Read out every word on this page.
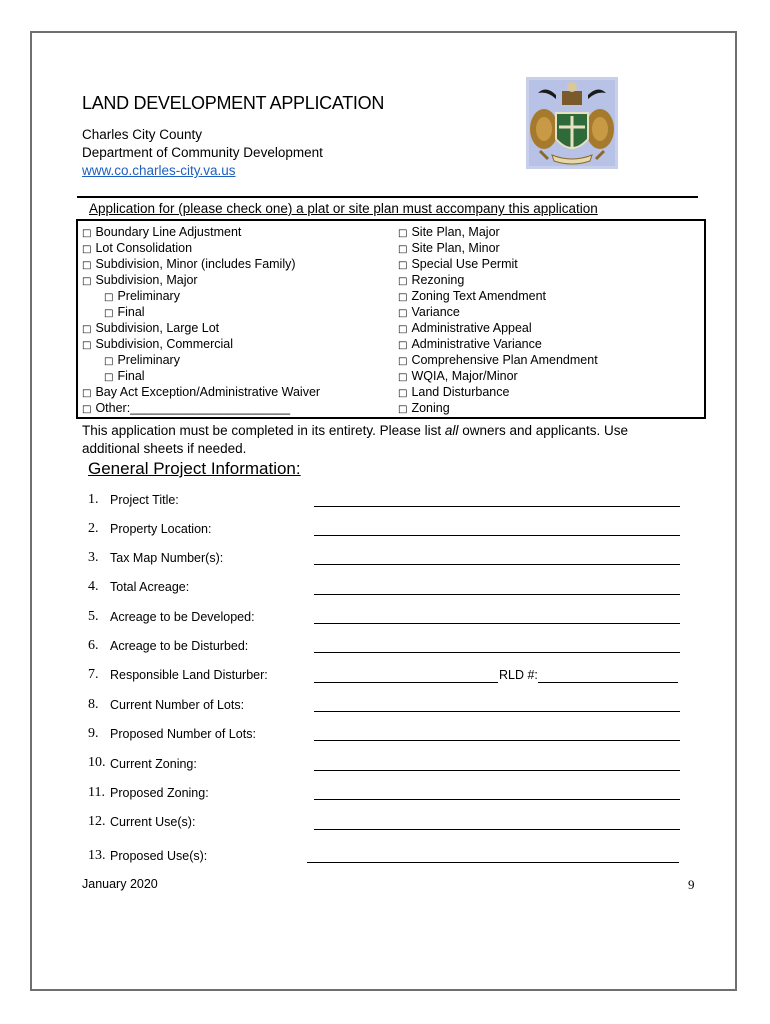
LAND DEVELOPMENT APPLICATION
Charles City County
Department of Community Development
www.co.charles-city.va.us
Application for (please check one) a plat or site plan must accompany this application
□ Boundary Line Adjustment
□ Lot Consolidation
□ Subdivision, Minor (includes Family)
□ Subdivision, Major
□ Preliminary
□ Final
□ Subdivision, Large Lot
□ Subdivision, Commercial
□ Preliminary
□ Final
□ Bay Act Exception/Administrative Waiver
□ Other:_______________________
□ Site Plan, Major
□ Site Plan, Minor
□ Special Use Permit
□ Rezoning
□ Zoning Text Amendment
□ Variance
□ Administrative Appeal
□ Administrative Variance
□ Comprehensive Plan Amendment
□ WQIA, Major/Minor
□ Land Disturbance
□ Zoning
This application must be completed in its entirety. Please list all owners and applicants. Use additional sheets if needed.
General Project Information:
1. Project Title:
2. Property Location:
3. Tax Map Number(s):
4. Total Acreage:
5. Acreage to be Developed:
6. Acreage to be Disturbed:
7. Responsible Land Disturber:	RLD #:
8. Current Number of Lots:
9. Proposed Number of Lots:
10. Current Zoning:
11. Proposed Zoning:
12. Current Use(s):
13. Proposed Use(s):
January 2020	9
